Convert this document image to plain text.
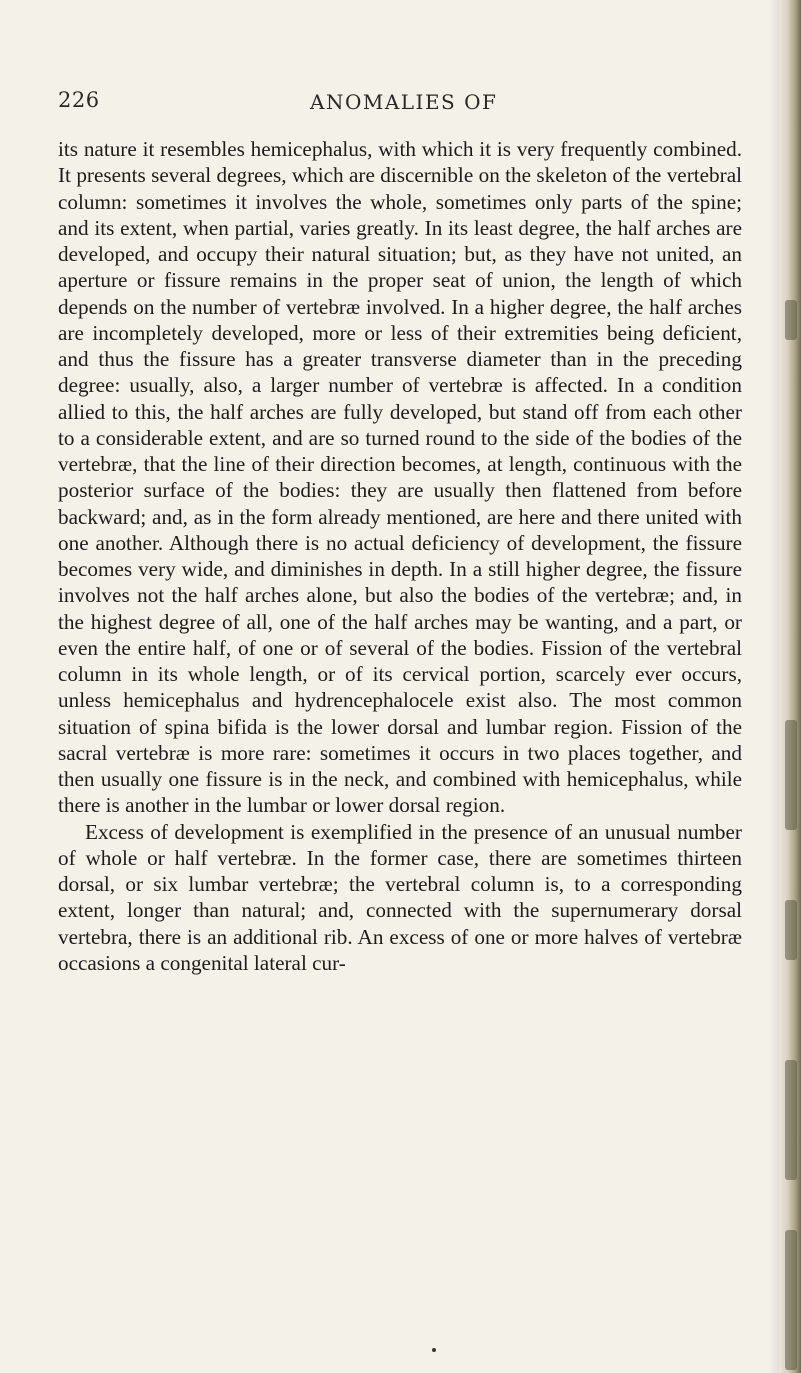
226	ANOMALIES OF

its nature it resembles hemicephalus, with which it is very frequently combined. It presents several degrees, which are discernible on the skeleton of the vertebral column: sometimes it involves the whole, sometimes only parts of the spine; and its extent, when partial, varies greatly. In its least degree, the half arches are developed, and occupy their natural situation; but, as they have not united, an aperture or fissure remains in the proper seat of union, the length of which depends on the number of vertebræ involved. In a higher degree, the half arches are incompletely developed, more or less of their extremities being deficient, and thus the fissure has a greater transverse diameter than in the preceding degree: usually, also, a larger number of vertebræ is affected. In a condition allied to this, the half arches are fully developed, but stand off from each other to a considerable extent, and are so turned round to the side of the bodies of the vertebræ, that the line of their direction becomes, at length, continuous with the posterior surface of the bodies: they are usually then flattened from before backward; and, as in the form already mentioned, are here and there united with one another. Although there is no actual deficiency of development, the fissure becomes very wide, and diminishes in depth. In a still higher degree, the fissure involves not the half arches alone, but also the bodies of the vertebræ; and, in the highest degree of all, one of the half arches may be wanting, and a part, or even the entire half, of one or of several of the bodies. Fission of the vertebral column in its whole length, or of its cervical portion, scarcely ever occurs, unless hemicephalus and hydrencephalocele exist also. The most common situation of spina bifida is the lower dorsal and lumbar region. Fission of the sacral vertebræ is more rare: sometimes it occurs in two places together, and then usually one fissure is in the neck, and combined with hemicephalus, while there is another in the lumbar or lower dorsal region.

Excess of development is exemplified in the presence of an unusual number of whole or half vertebræ. In the former case, there are sometimes thirteen dorsal, or six lumbar vertebræ; the vertebral column is, to a corresponding extent, longer than natural; and, connected with the supernumerary dorsal vertebra, there is an additional rib. An excess of one or more halves of vertebræ occasions a congenital lateral cur-
